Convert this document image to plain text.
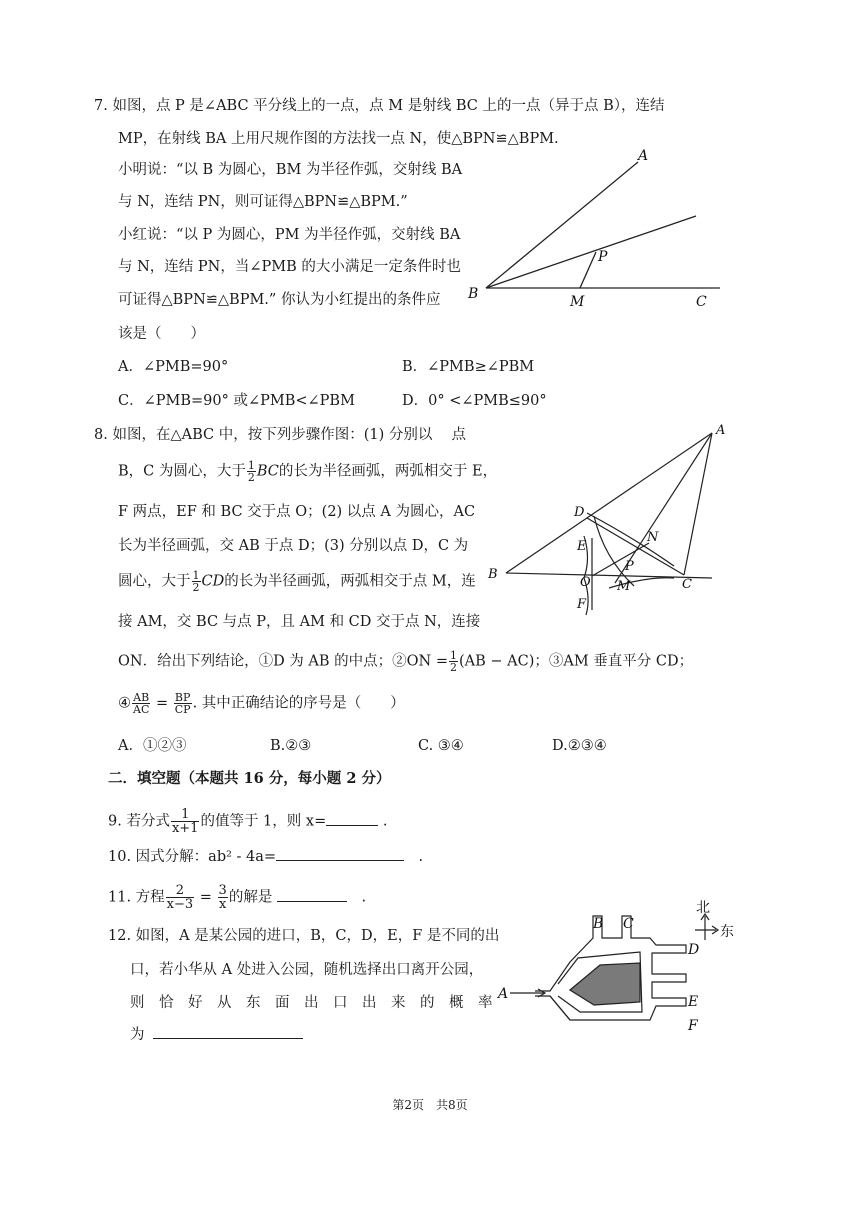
7. 如图，点 P 是∠ABC 平分线上的一点，点 M 是射线 BC 上的一点（异于点 B），连结
MP，在射线 BA 上用尺规作图的方法找一点 N，使△BPN≌△BPM.
小明说：“以 B 为圆心，BM 为半径作弧，交射线 BA
与 N，连结 PN，则可证得△BPN≌△BPM.”
小红说：“以 P 为圆心，PM 为半径作弧，交射线 BA
与 N，连结 PN，当∠PMB 的大小满足一定条件时也
可证得△BPN≌△BPM.” 你认为小红提出的条件应
该是（　　）
A．∠PMB=90°	B．∠PMB≥∠PBM
C．∠PMB=90° 或∠PMB<∠PBM	D．0° <∠PMB≤90°
A
B
P
M	C
8. 如图，在△ABC 中，按下列步骤作图：(1) 分别以　 点
B，C 为圆心，大于 $\frac{1}{2}$ BC的长为半径画弧，两弧相交于 E，
F 两点，EF 和 BC 交于点 O；(2) 以点 A 为圆心，AC
长为半径画弧，交 AB 于点 D；(3) 分别以点 D，C 为
圆心，大于 $\frac{1}{2}$ CD的长为半径画弧，两弧相交于点 M，连
接 AM，交 BC 与点 P，且 AM 和 CD 交于点 N，连接
ON．给出下列结论，①D 为 AB 的中点；②ON = $\frac{1}{2} (AB - AC)$；③AM 垂直平分 CD；
④ $\frac{AB}{AC} = \frac{BP}{CP}$ . 其中正确结论的序号是（　　）
A．①②③	B.②③	C. ③④	D.②③④
A
B
C
D
E
F
O
N
P
M
二．填空题（本题共 16 分，每小题 2 分）
9. 若分式 $\frac{1}{x+1}$ 的值等于 1，则 x=	.
10. 因式分解：ab² - 4a=　	.
11. 方程 $\frac{2}{x-3} = \frac{3}{x}$ 的解是 　	.
12. 如图，A 是某公园的进口，B，C，D，E，F 是不同的出
口，若小华从 A 处进入公园，随机选择出口离开公园，
则　恰　好　从　东　面　出　口　出　来　的　概　率
为
A
B C
D
E
F
北
东
第2页　共8页
